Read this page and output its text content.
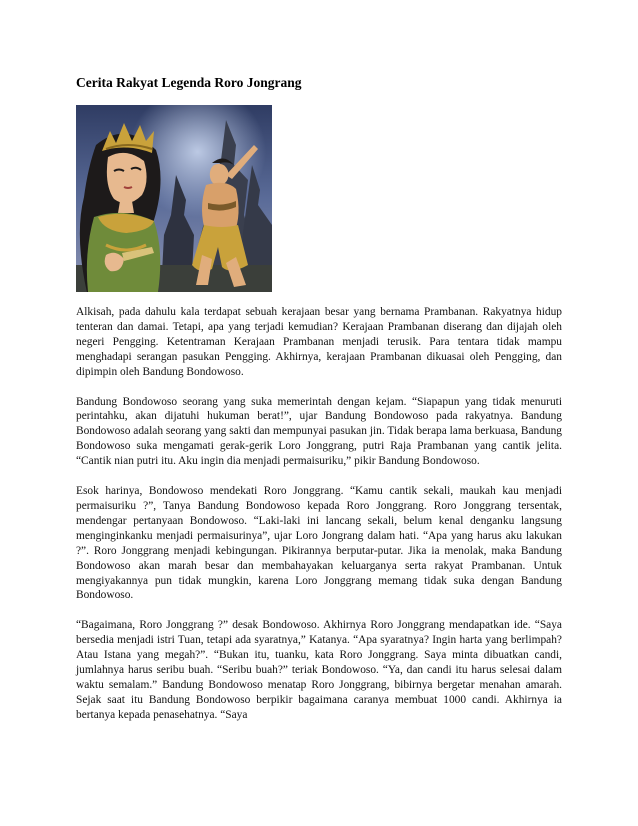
Cerita Rakyat Legenda Roro Jongrang

Alkisah, pada dahulu kala terdapat sebuah kerajaan besar yang bernama Prambanan. Rakyatnya hidup tenteran dan damai. Tetapi, apa yang terjadi kemudian? Kerajaan Prambanan diserang dan dijajah oleh negeri Pengging. Ketentraman Kerajaan Prambanan menjadi terusik. Para tentara tidak mampu menghadapi serangan pasukan Pengging. Akhirnya, kerajaan Prambanan dikuasai oleh Pengging, dan dipimpin oleh Bandung Bondowoso.

Bandung Bondowoso seorang yang suka memerintah dengan kejam. “Siapapun yang tidak menuruti perintahku, akan dijatuhi hukuman berat!”, ujar Bandung Bondowoso pada rakyatnya. Bandung Bondowoso adalah seorang yang sakti dan mempunyai pasukan jin. Tidak berapa lama berkuasa, Bandung Bondowoso suka mengamati gerak-gerik Loro Jonggrang, putri Raja Prambanan yang cantik jelita. “Cantik nian putri itu. Aku ingin dia menjadi permaisuriku,” pikir Bandung Bondowoso.

Esok harinya, Bondowoso mendekati Roro Jonggrang. “Kamu cantik sekali, maukah kau menjadi permaisuriku ?”, Tanya Bandung Bondowoso kepada Roro Jonggrang. Roro Jonggrang tersentak, mendengar pertanyaan Bondowoso. “Laki-laki ini lancang sekali, belum kenal denganku langsung menginginkanku menjadi permaisurinya”, ujar Loro Jongrang dalam hati. “Apa yang harus aku lakukan ?”. Roro Jonggrang menjadi kebingungan. Pikirannya berputar-putar. Jika ia menolak, maka Bandung Bondowoso akan marah besar dan membahayakan keluarganya serta rakyat Prambanan. Untuk mengiyakannya pun tidak mungkin, karena Loro Jonggrang memang tidak suka dengan Bandung Bondowoso.

“Bagaimana, Roro Jonggrang ?” desak Bondowoso. Akhirnya Roro Jonggrang mendapatkan ide. “Saya bersedia menjadi istri Tuan, tetapi ada syaratnya,” Katanya. “Apa syaratnya? Ingin harta yang berlimpah? Atau Istana yang megah?”. “Bukan itu, tuanku, kata Roro Jonggrang. Saya minta dibuatkan candi, jumlahnya harus seribu buah. “Seribu buah?” teriak Bondowoso. “Ya, dan candi itu harus selesai dalam waktu semalam.” Bandung Bondowoso menatap Roro Jonggrang, bibirnya bergetar menahan amarah. Sejak saat itu Bandung Bondowoso berpikir bagaimana caranya membuat 1000 candi. Akhirnya ia bertanya kepada penasehatnya. “Saya
